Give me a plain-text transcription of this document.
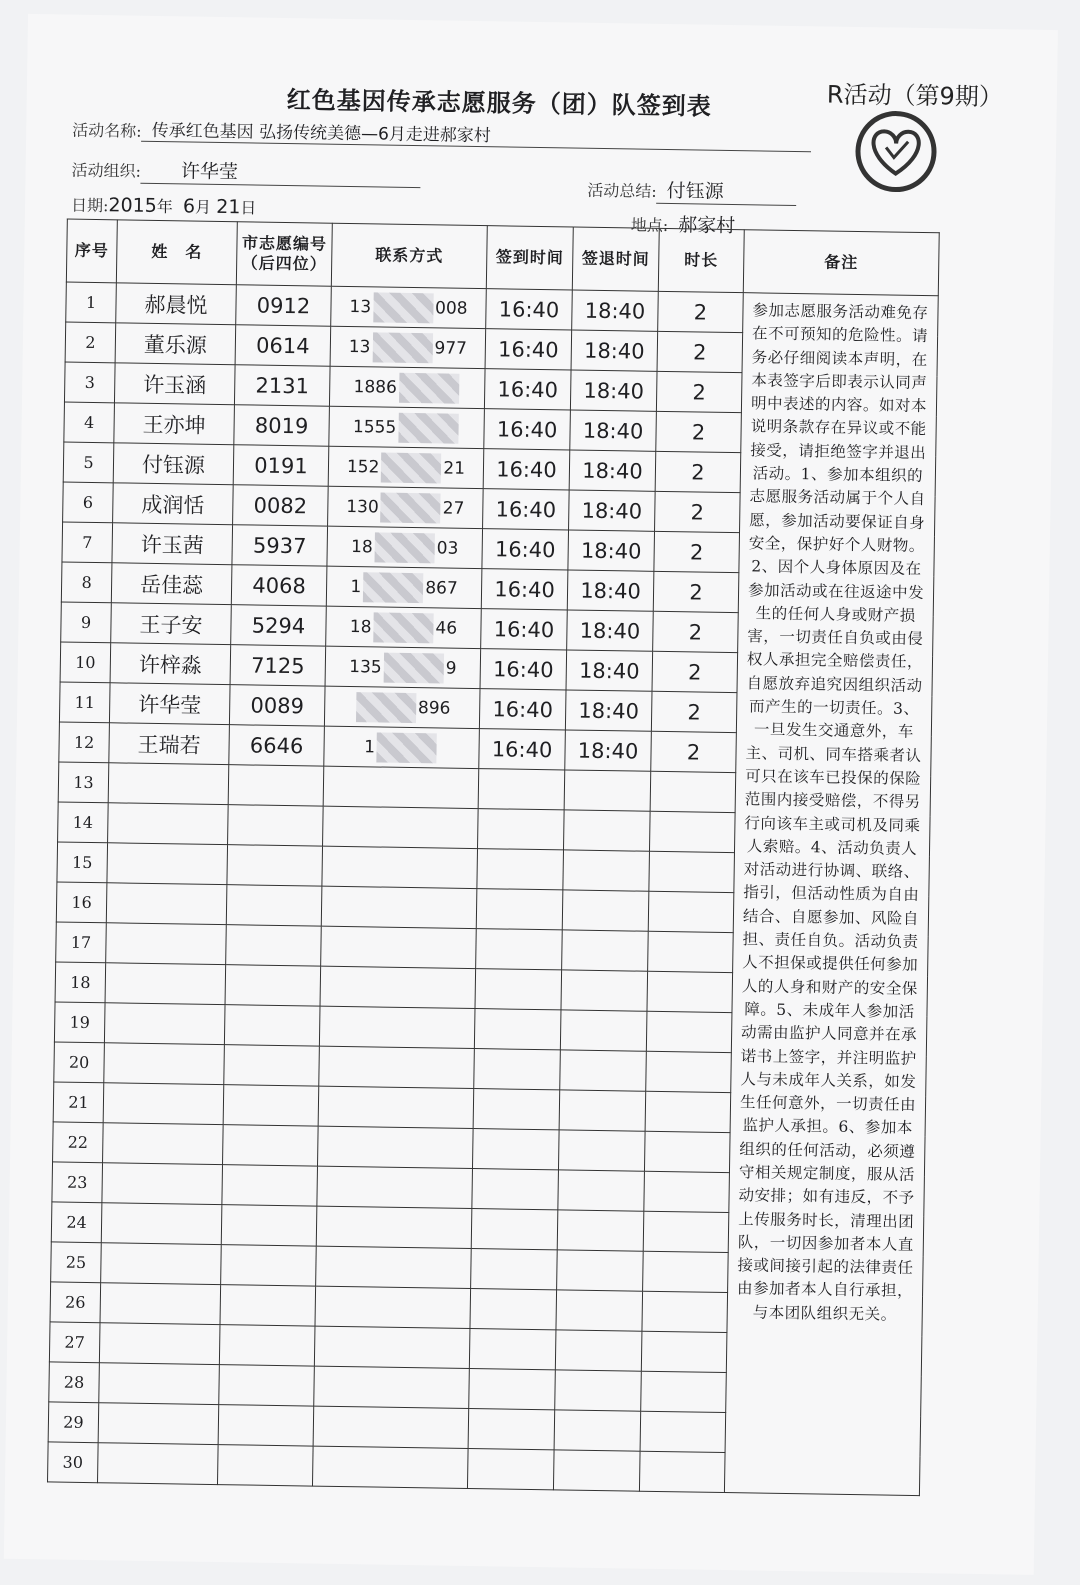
红色基因传承志愿服务（团）队签到表	R活动（第9期）
活动名称: 传承红色基因 弘扬传统美德—6月走进郝家村
活动组织: 许华莹
活动总结: 付钰源
日期:2015年 6月 21日
地点: 郝家村
序号	姓　名	市志愿编号（后四位）	联系方式	签到时间	签退时间	时长	备注
1	郝晨悦	0912	13 008	16:40	18:40	2	参加志愿服务活动难免存在不可预知的危险性。请务必仔细阅读本声明，在本表签字后即表示认同声明中表述的内容。如对本说明条款存在异议或不能接受，请拒绝签字并退出活动。1、参加本组织的志愿服务活动属于个人自愿，参加活动要保证自身安全，保护好个人财物。2、因个人身体原因及在参加活动或在往返途中发生的任何人身或财产损害，一切责任自负或由侵权人承担完全赔偿责任，自愿放弃追究因组织活动而产生的一切责任。3、一旦发生交通意外，车主、司机、同车搭乘者认可只在该车已投保的保险范围内接受赔偿，不得另行向该车主或司机及同乘人索赔。4、活动负责人对活动进行协调、联络、指引，但活动性质为自由结合、自愿参加、风险自担、责任自负。活动负责人不担保或提供任何参加人的人身和财产的安全保障。5、未成年人参加活动需由监护人同意并在承诺书上签字，并注明监护人与未成年人关系，如发生任何意外，一切责任由监护人承担。6、参加本组织的任何活动，必须遵守相关规定制度，服从活动安排；如有违反，不予上传服务时长，清理出团队，一切因参加者本人直接或间接引起的法律责任由参加者本人自行承担，与本团队组织无关。
2	董乐源	0614	13 977	16:40	18:40	2	
3	许玉涵	2131	1886	16:40	18:40	2	
4	王亦坤	8019	1555	16:40	18:40	2	
5	付钰源	0191	152 21	16:40	18:40	2	
6	成润恬	0082	130 27	16:40	18:40	2	
7	许玉茜	5937	18 03	16:40	18:40	2	
8	岳佳蕊	4068	1 867	16:40	18:40	2	
9	王子安	5294	18 46	16:40	18:40	2	
10	许梓淼	7125	135 9	16:40	18:40	2	
11	许华莹	0089	896	16:40	18:40	2	
12	王瑞若	6646	1	16:40	18:40	2	
13							
14							
15							
16							
17							
18							
19							
20							
21							
22							
23							
24							
25							
26							
27							
28							
29							
30							
